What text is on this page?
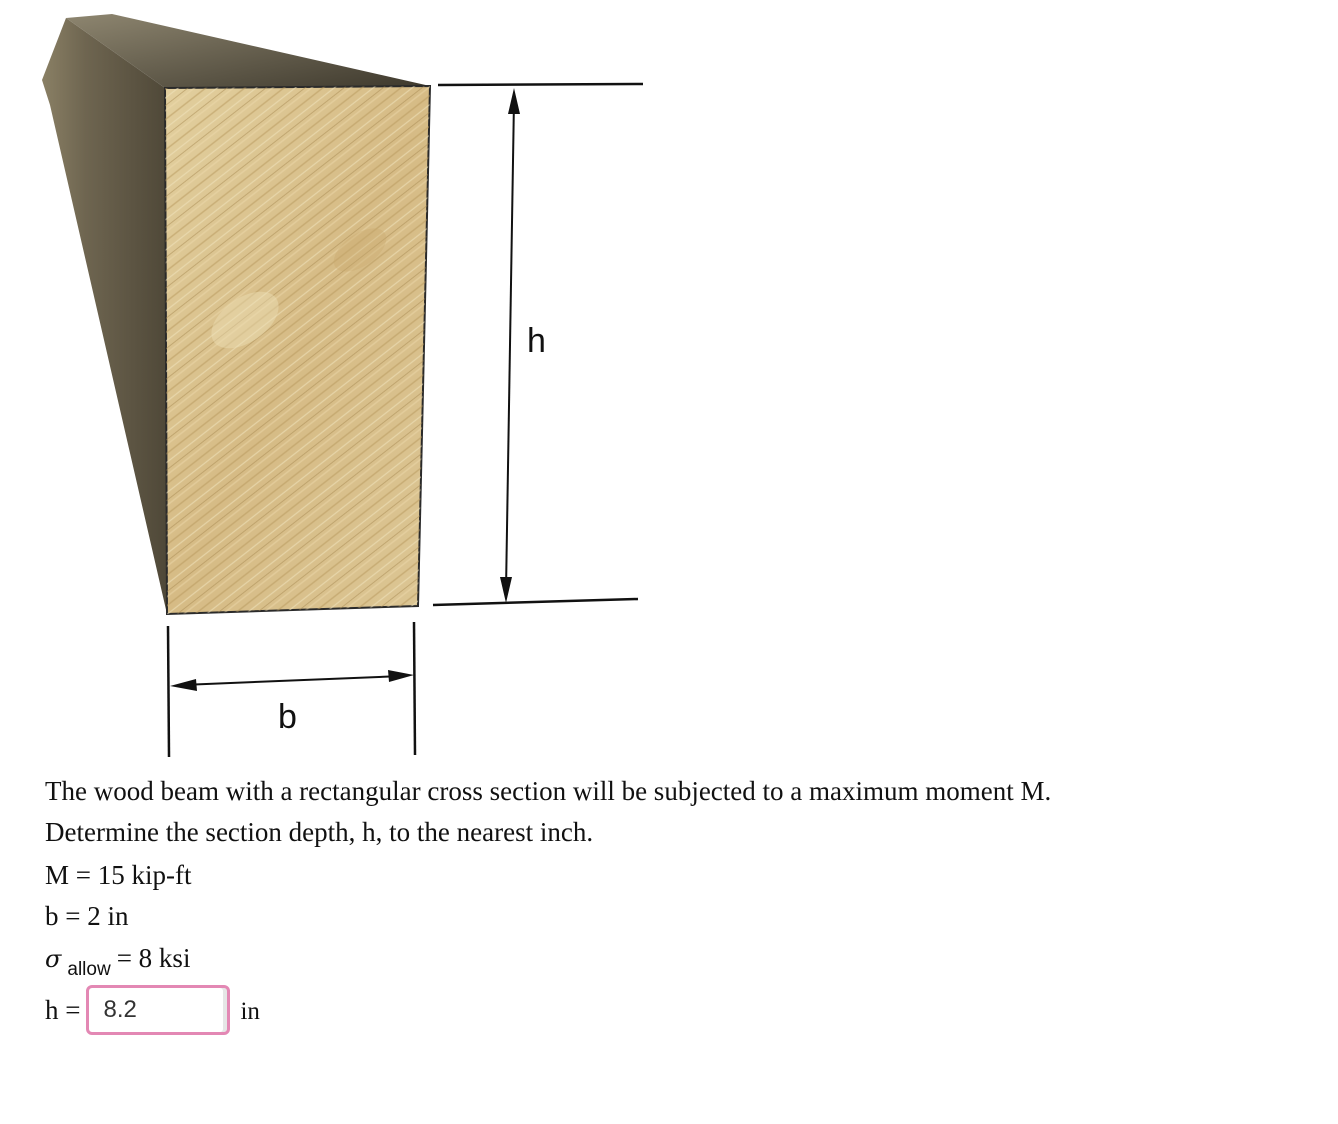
h
b

The wood beam with a rectangular cross section will be subjected to a maximum moment M.

Determine the section depth, h, to the nearest inch.

M = 15 kip-ft
b = 2 in
σ $_{allow}$ = 8 ksi
h =
8.2	in
